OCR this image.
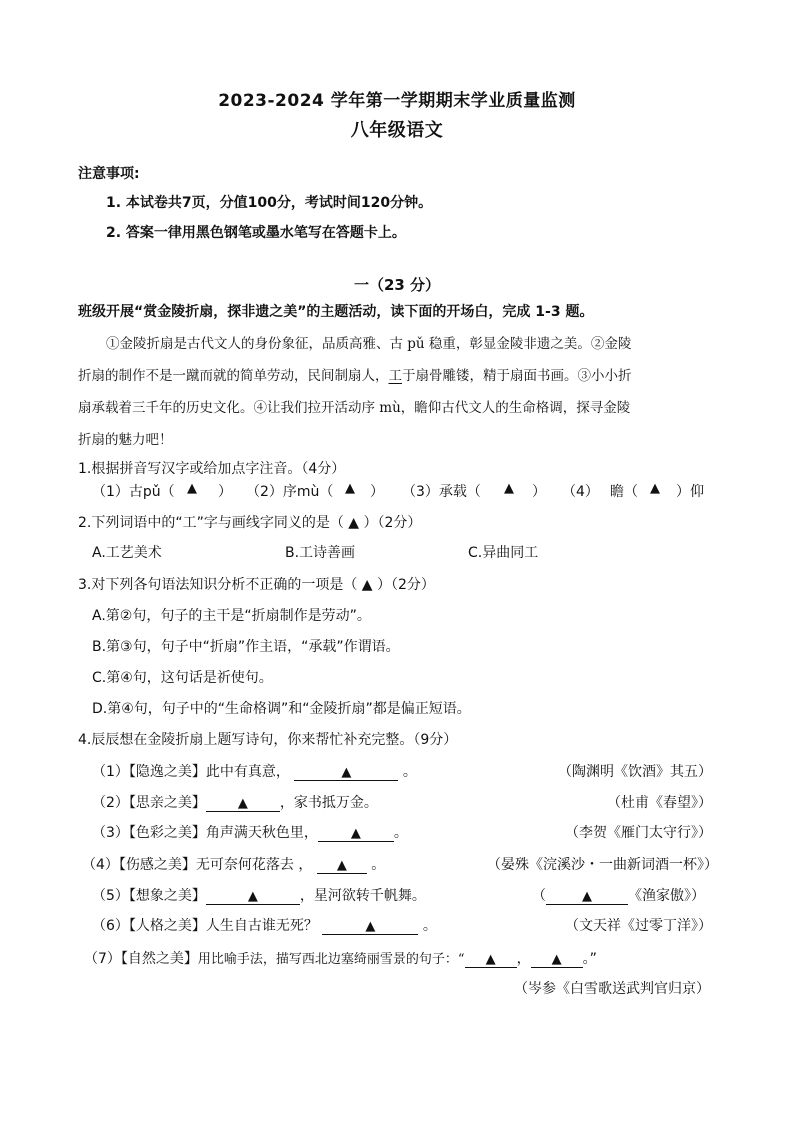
2023-2024 学年第一学期期末学业质量监测
八年级语文
注意事项:
1. 本试卷共7页，分值100分，考试时间120分钟。
2. 答案一律用黑色钢笔或墨水笔写在答题卡上。
一（23 分）
班级开展“赏金陵折扇，探非遗之美”的主题活动，读下面的开场白，完成 1-3 题。
①金陵折扇是古代文人的身份象征，品质高雅、古 pǔ 稳重，彰显金陵非遗之美。②金陵
折扇的制作不是一蹴而就的简单劳动，民间制扇人，工于扇骨雕镂，精于扇面书画。③小小折
扇承载着三千年的历史文化。④让我们拉开活动序 mù，瞻仰古代文人的生命格调，探寻金陵
折扇的魅力吧！
1.根据拼音写汉字或给加点字注音。（4分）
（1）古pǔ（ ▲ ） （2）序mù（ ▲ ） （3）承载（ ▲ ） （4） 瞻（ ▲ ）仰
2.下列词语中的“工”字与画线字同义的是（ ▲ ）（2分）
A.工艺美术	B.工诗善画	C.异曲同工
3.对下列各句语法知识分析不正确的一项是（ ▲ ）（2分）
A.第②句，句子的主干是“折扇制作是劳动”。
B.第③句，句子中“折扇”作主语，“承载”作谓语。
C.第④句，这句话是祈使句。
D.第④句，句子中的“生命格调”和“金陵折扇”都是偏正短语。
4.辰辰想在金陵折扇上题写诗句，你来帮忙补充完整。（9分）
（1）【隐逸之美】此中有真意，	▲	。	（陶渊明《饮酒》其五）
（2）【思亲之美】 ▲ ，家书抵万金。	（杜甫《春望》）
（3）【色彩之美】角声满天秋色里，	▲ 。	（李贺《雁门太守行》）
（4）【伤感之美】无可奈何花落去 ， ▲ 。	（晏殊《浣溪沙・一曲新词酒一杯》）
（5）【想象之美】	▲	，星河欲转千帆舞。	（	▲	《渔家傲》）
（6）【人格之美】人生自古谁无死？	▲	。	（文天祥《过零丁洋》）
（7）【自然之美】用比喻手法，描写西北边塞绮丽雪景的句子：“ ▲ ， ▲ 。”
（岑参《白雪歌送武判官归京）
